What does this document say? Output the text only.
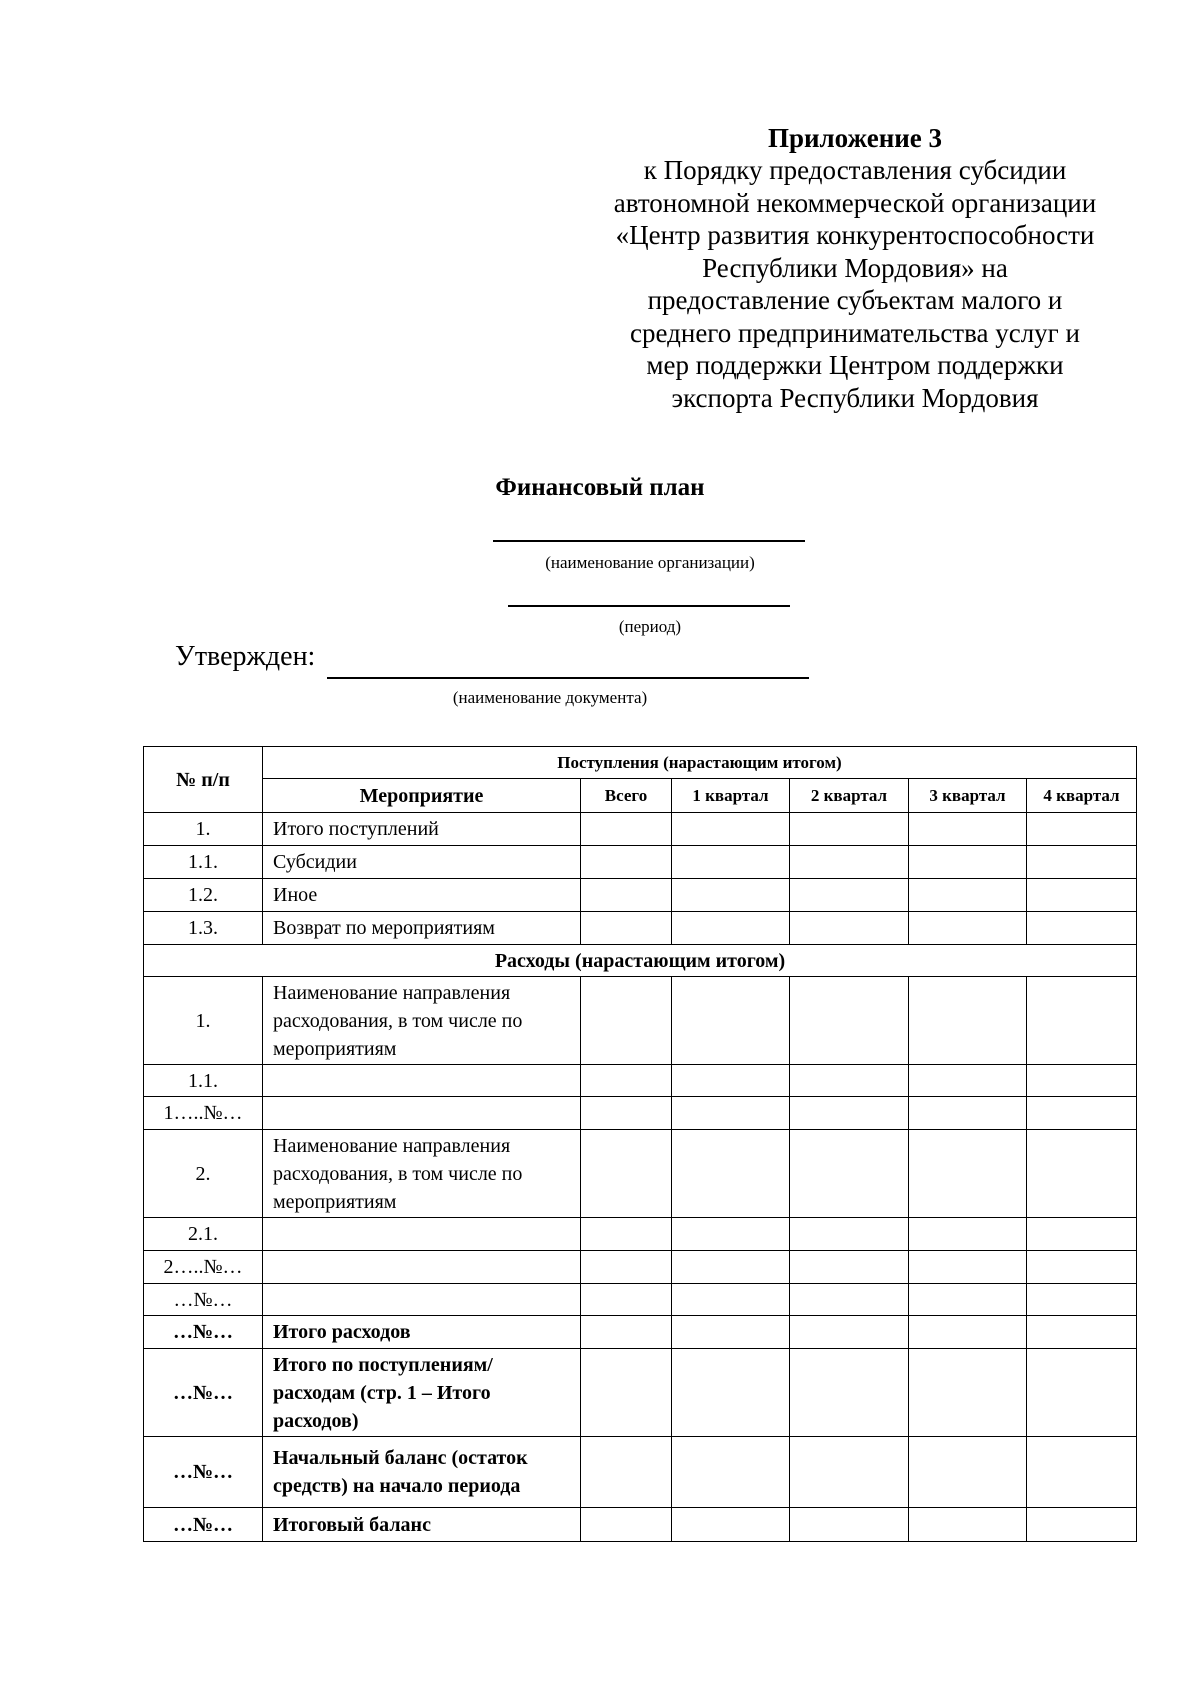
Приложение 3
к Порядку предоставления субсидии
автономной некоммерческой организации
«Центр развития конкурентоспособности
Республики Мордовия» на
предоставление субъектам малого и
среднего предпринимательства услуг и
мер поддержки Центром поддержки
экспорта Республики Мордовия
Финансовый план
(наименование организации)
(период)
Утвержден:
(наименование документа)
№ п/п	Поступления (нарастающим итогом)					
	Мероприятие	Всего	1 квартал	2 квартал	3 квартал	4 квартал
1.	Итого поступлений					
1.1.	Субсидии					
1.2.	Иное					
1.3.	Возврат по мероприятиям					
Расходы (нарастающим итогом)						
1.	Наименование направления расходования, в том числе по мероприятиям					
1.1.						
1…..№…						
2.	Наименование направления расходования, в том числе по мероприятиям					
2.1.						
2…..№…						
…№…						
…№…	Итого расходов					
…№…	Итого по поступлениям/расходам (стр. 1 – Итого расходов)					
…№…	Начальный баланс (остаток средств) на начало периода					
…№…	Итоговый баланс					
